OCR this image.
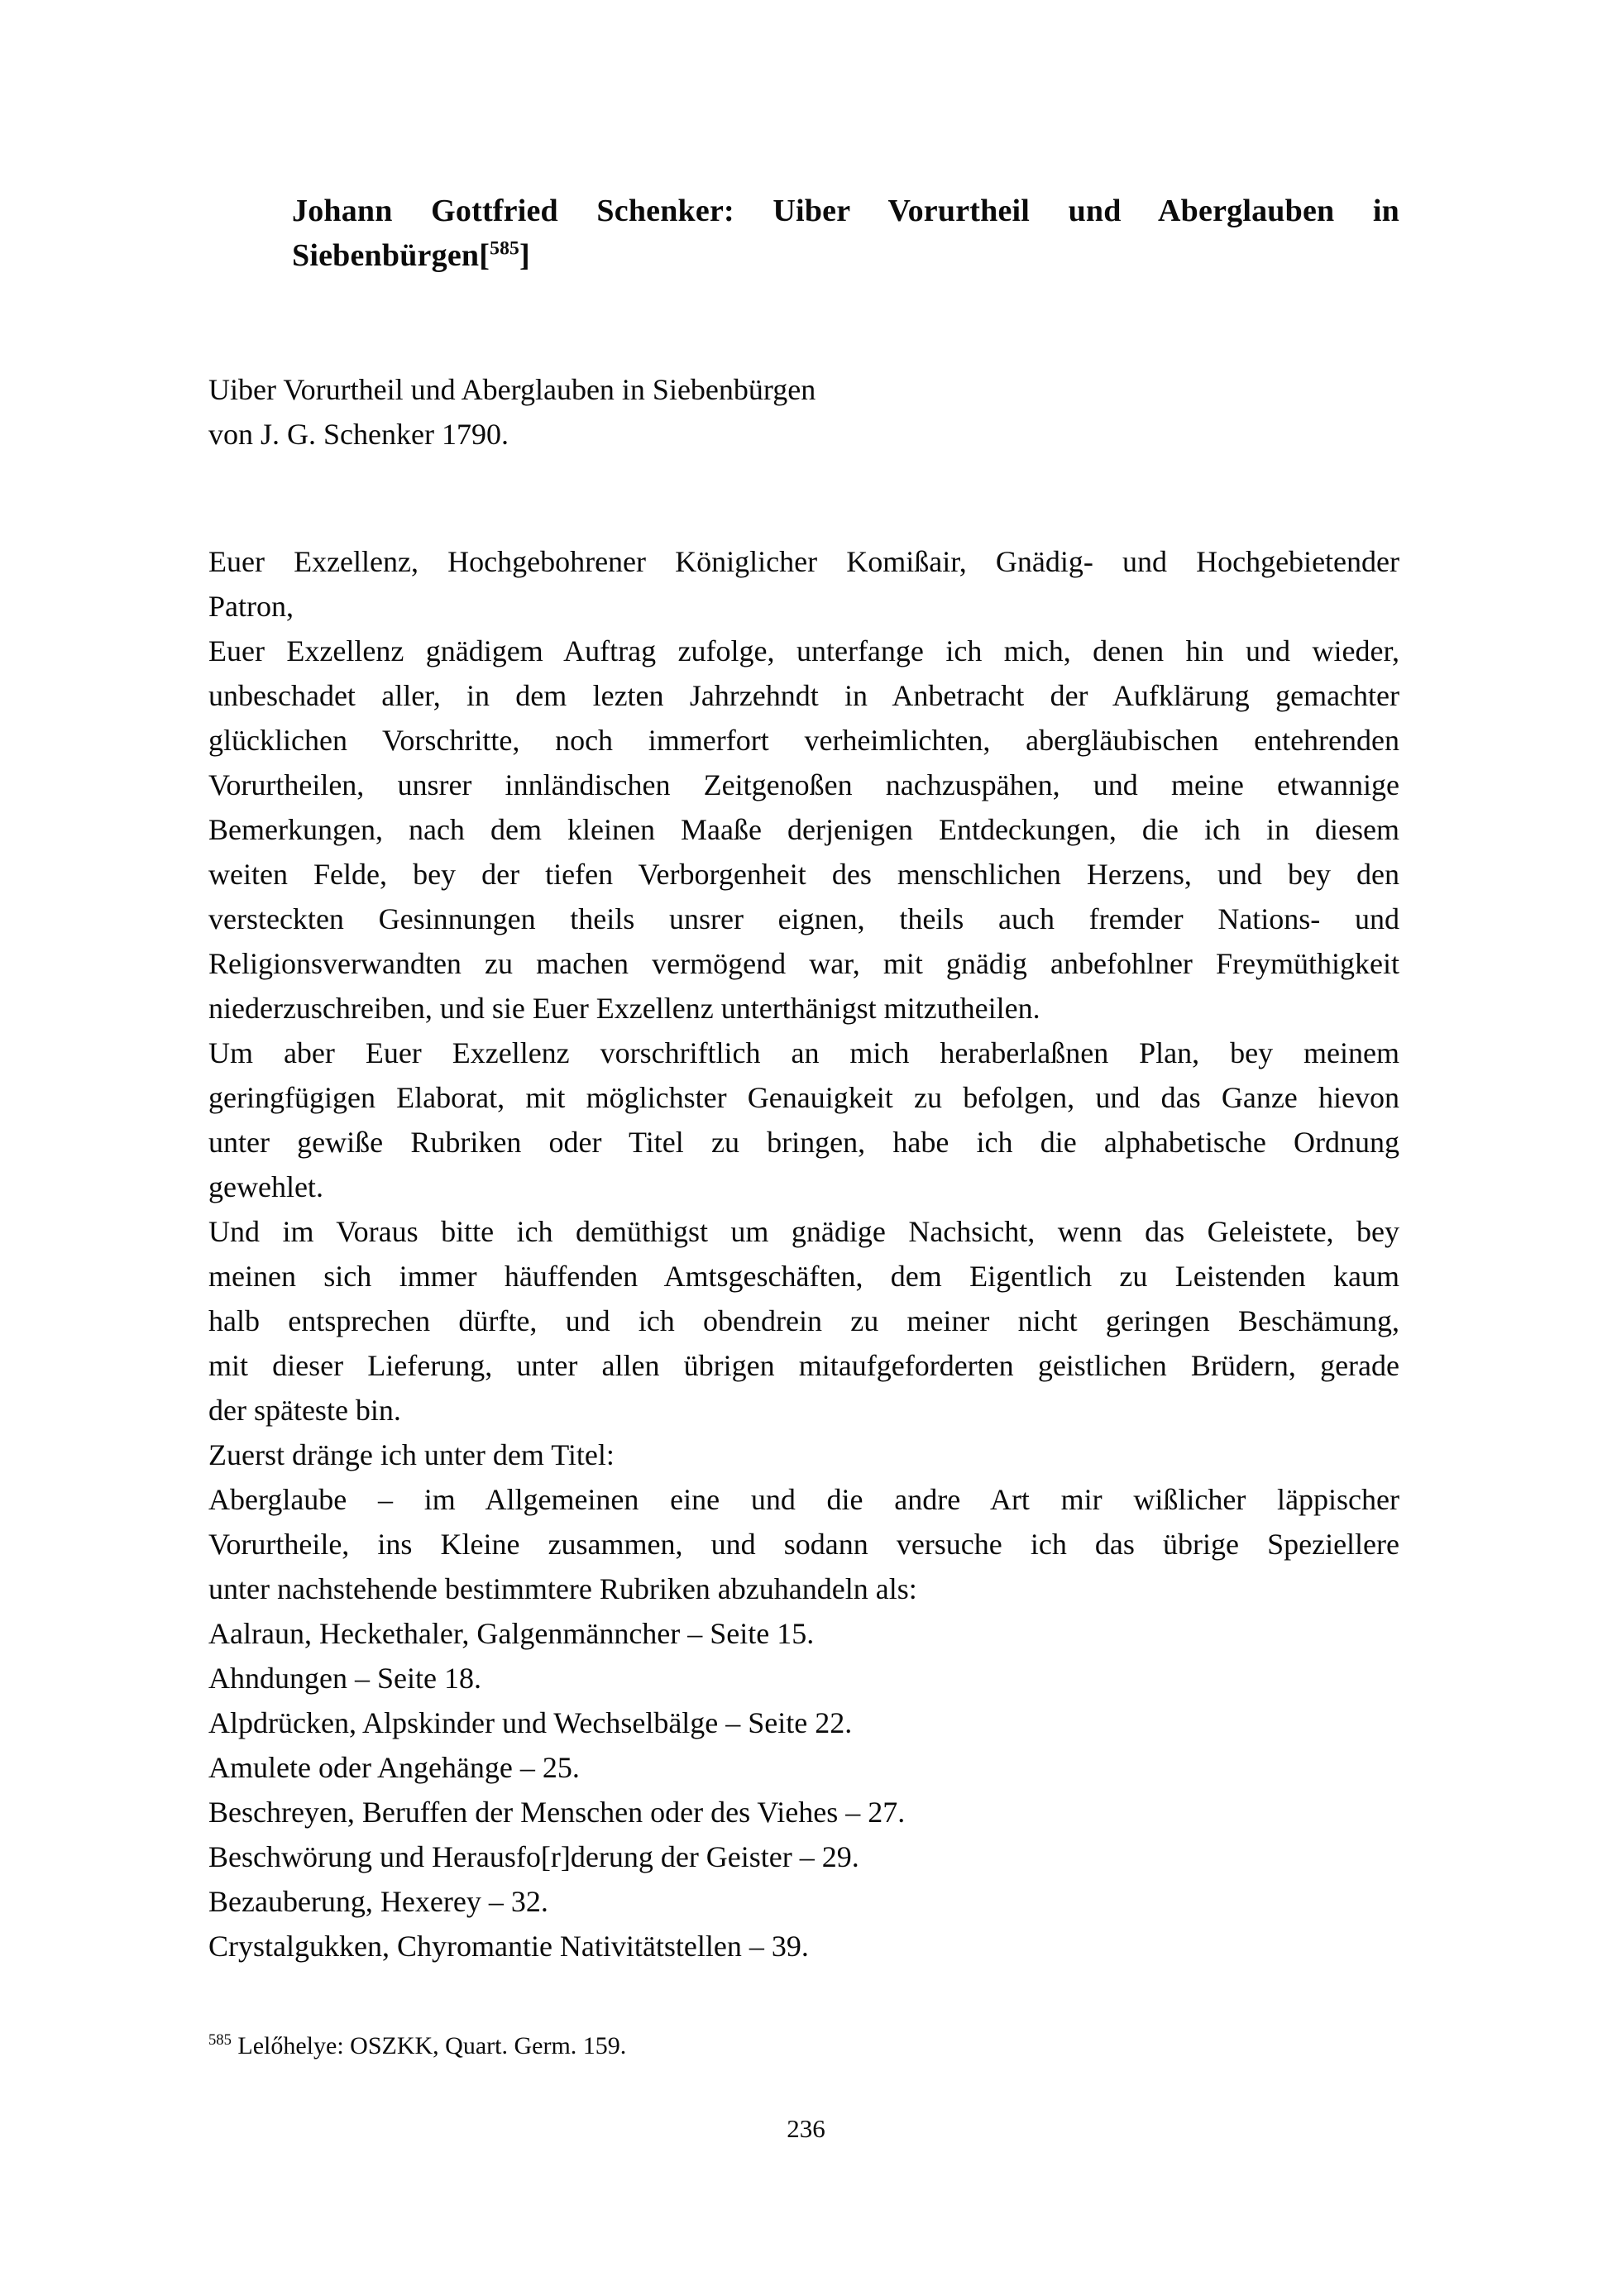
Johann Gottfried Schenker: Uiber Vorurtheil und Aberglauben in
Siebenbürgen[$^{585}$]
Uiber Vorurtheil und Aberglauben in Siebenbürgen
von J. G. Schenker 1790.
Euer Exzellenz, Hochgebohrener Königlicher Komißair, Gnädig- und Hochgebietender
Patron,
Euer Exzellenz gnädigem Auftrag zufolge, unterfange ich mich, denen hin und wieder,
unbeschadet aller, in dem lezten Jahrzehndt in Anbetracht der Aufklärung gemachter
glücklichen Vorschritte, noch immerfort verheimlichten, abergläubischen entehrenden
Vorurtheilen, unsrer innländischen Zeitgenoßen nachzuspähen, und meine etwannige
Bemerkungen, nach dem kleinen Maaße derjenigen Entdeckungen, die ich in diesem
weiten Felde, bey der tiefen Verborgenheit des menschlichen Herzens, und bey den
versteckten Gesinnungen theils unsrer eignen, theils auch fremder Nations- und
Religionsverwandten zu machen vermögend war, mit gnädig anbefohlner Freymüthigkeit
niederzuschreiben, und sie Euer Exzellenz unterthänigst mitzutheilen.
Um aber Euer Exzellenz vorschriftlich an mich heraberlaßnen Plan, bey meinem
geringfügigen Elaborat, mit möglichster Genauigkeit zu befolgen, und das Ganze hievon
unter gewiße Rubriken oder Titel zu bringen, habe ich die alphabetische Ordnung
gewehlet.
Und im Voraus bitte ich demüthigst um gnädige Nachsicht, wenn das Geleistete, bey
meinen sich immer häuffenden Amtsgeschäften, dem Eigentlich zu Leistenden kaum
halb entsprechen dürfte, und ich obendrein zu meiner nicht geringen Beschämung,
mit dieser Lieferung, unter allen übrigen mitaufgeforderten geistlichen Brüdern, gerade
der späteste bin.
Zuerst dränge ich unter dem Titel:
Aberglaube – im Allgemeinen eine und die andre Art mir wißlicher läppischer
Vorurtheile, ins Kleine zusammen, und sodann versuche ich das übrige Speziellere
unter nachstehende bestimmtere Rubriken abzuhandeln als:
Aalraun, Heckethaler, Galgenmänncher – Seite 15.
Ahndungen – Seite 18.
Alpdrücken, Alpskinder und Wechselbälge – Seite 22.
Amulete oder Angehänge – 25.
Beschreyen, Beruffen der Menschen oder des Viehes – 27.
Beschwörung und Herausfo[r]derung der Geister – 29.
Bezauberung, Hexerey – 32.
Crystalgukken, Chyromantie Nativitätstellen – 39.
$^{585}$ Lelőhelye: OSZKK, Quart. Germ. 159.
236
